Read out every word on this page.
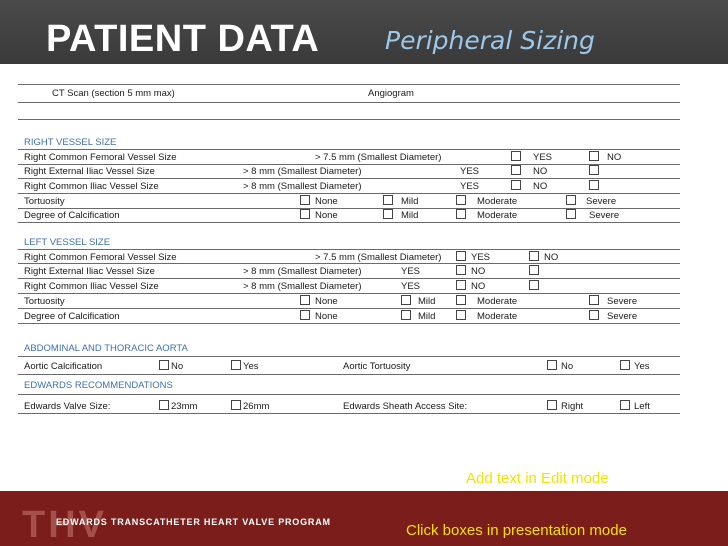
PATIENT DATA	Peripheral Sizing
CT Scan (section 5 mm max)	Angiogram
RIGHT VESSEL SIZE
Right Common Femoral Vessel Size	> 7.5 mm (Smallest Diameter)	YES	NO
Right External Iliac Vessel Size	> 8 mm (Smallest Diameter)	YES	NO
Right Common Iliac Vessel Size	> 8 mm (Smallest Diameter)	YES	NO
Tortuosity	None	Mild	Moderate	Severe
Degree of Calcification	None	Mild	Moderate	Severe
LEFT VESSEL SIZE
Right Common Femoral Vessel Size	> 7.5 mm (Smallest Diameter)	YES	NO
Right External Iliac Vessel Size	> 8 mm (Smallest Diameter)	YES	NO
Right Common Iliac Vessel Size	> 8 mm (Smallest Diameter)	YES	NO
Tortuosity	None	Mild	Moderate	Severe
Degree of Calcification	None	Mild	Moderate	Severe
ABDOMINAL AND THORACIC AORTA
Aortic Calcification	No	Yes	Aortic Tortuosity	No	Yes
EDWARDS RECOMMENDATIONS
Edwards Valve Size:	23mm	26mm	Edwards Sheath Access Site:	Right	Left
THV
EDWARDS TRANSCATHETER HEART VALVE PROGRAM
Add text in Edit mode
Click boxes in presentation mode
